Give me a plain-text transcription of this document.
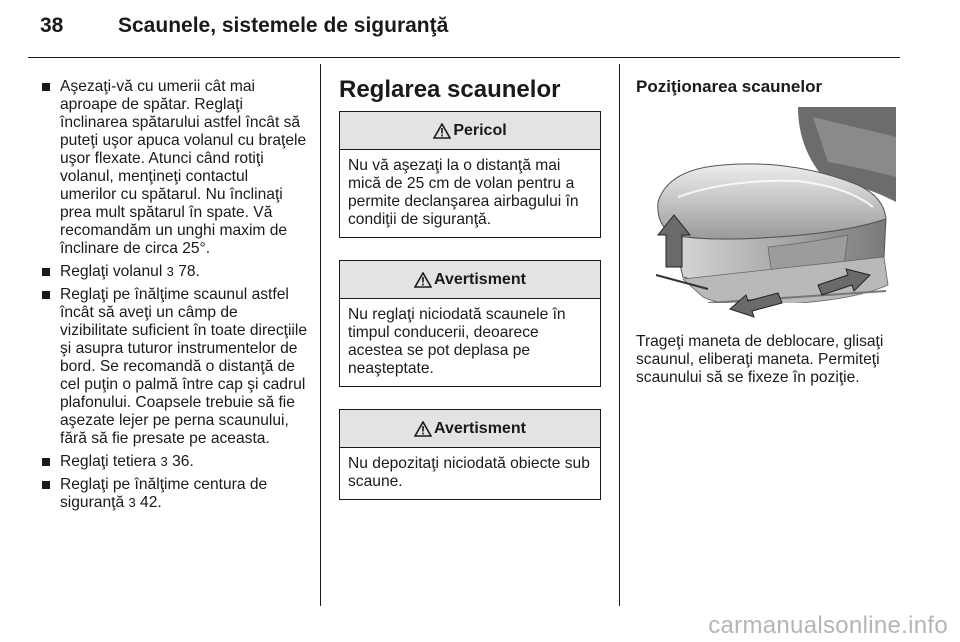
38	Scaunele, sistemele de siguranţă
Aşezaţi-vă cu umerii cât mai aproape de spătar. Reglaţi înclinarea spătarului astfel încât să puteţi uşor apuca volanul cu braţele uşor flexate. Atunci când rotiţi volanul, menţineţi contactul umerilor cu spătarul. Nu înclinaţi prea mult spătarul în spate. Vă recomandăm un unghi maxim de înclinare de circa 25°.
Reglaţi volanul 3 78.
Reglaţi pe înălţime scaunul astfel încât să aveţi un câmp de vizibilitate suficient în toate direcţiile şi asupra tuturor instrumentelor de bord. Se recomandă o distanţă de cel puţin o palmă între cap şi cadrul plafonului. Coapsele trebuie să fie aşezate lejer pe perna scaunului, fără să fie presate pe aceasta.
Reglaţi tetiera 3 36.
Reglaţi pe înălţime centura de siguranţă 3 42.
Reglarea scaunelor
Pericol
Nu vă aşezaţi la o distanţă mai mică de 25 cm de volan pentru a permite declanşarea airbagului în condiţii de siguranţă.
Avertisment
Nu reglaţi niciodată scaunele în timpul conducerii, deoarece acestea se pot deplasa pe neaşteptate.
Avertisment
Nu depozitaţi niciodată obiecte sub scaune.
Poziţionarea scaunelor
Trageţi maneta de deblocare, glisaţi scaunul, eliberaţi maneta. Permiteţi scaunului să se fixeze în poziţie.
carmanualsonline.info
